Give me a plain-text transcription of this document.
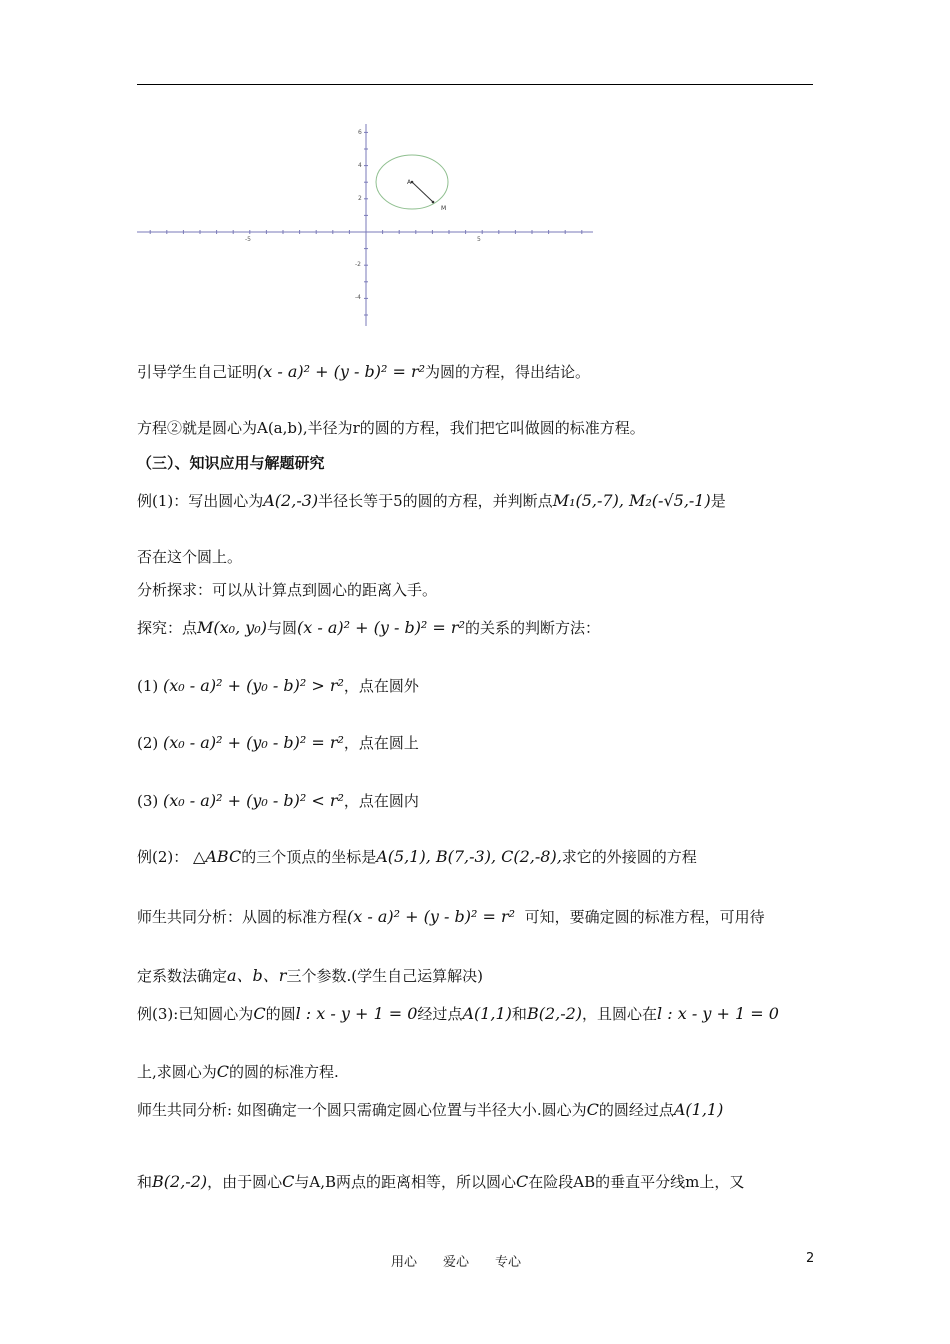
A
M
-5	5
6
4
2
-2
-4
引导学生自己证明(x - a)² + (y - b)² = r²为圆的方程，得出结论。
方程②就是圆心为A(a,b),半径为r的圆的方程，我们把它叫做圆的标准方程。
（三）、知识应用与解题研究
例(1)：写出圆心为A(2,-3)半径长等于5的圆的方程，并判断点M₁(5,-7), M₂(-√5,-1)是
否在这个圆上。
分析探求：可以从计算点到圆心的距离入手。
探究：点M(x₀, y₀)与圆(x - a)² + (y - b)² = r²的关系的判断方法：
(1) (x₀ - a)² + (y₀ - b)² > r²，点在圆外
(2) (x₀ - a)² + (y₀ - b)² = r²，点在圆上
(3) (x₀ - a)² + (y₀ - b)² < r²，点在圆内
例(2)： △ABC的三个顶点的坐标是A(5,1), B(7,-3), C(2,-8),求它的外接圆的方程
师生共同分析：从圆的标准方程(x - a)² + (y - b)² = r² 可知，要确定圆的标准方程，可用待
定系数法确定a、b、r三个参数.(学生自己运算解决)
例(3):已知圆心为C的圆l : x - y + 1 = 0经过点A(1,1)和B(2,-2)，且圆心在l : x - y + 1 = 0
上,求圆心为C的圆的标准方程.
师生共同分析: 如图确定一个圆只需确定圆心位置与半径大小.圆心为C的圆经过点A(1,1)
和B(2,-2)，由于圆心C与A,B两点的距离相等，所以圆心C在险段AB的垂直平分线m上，又
用心　　爱心　　专心	2
